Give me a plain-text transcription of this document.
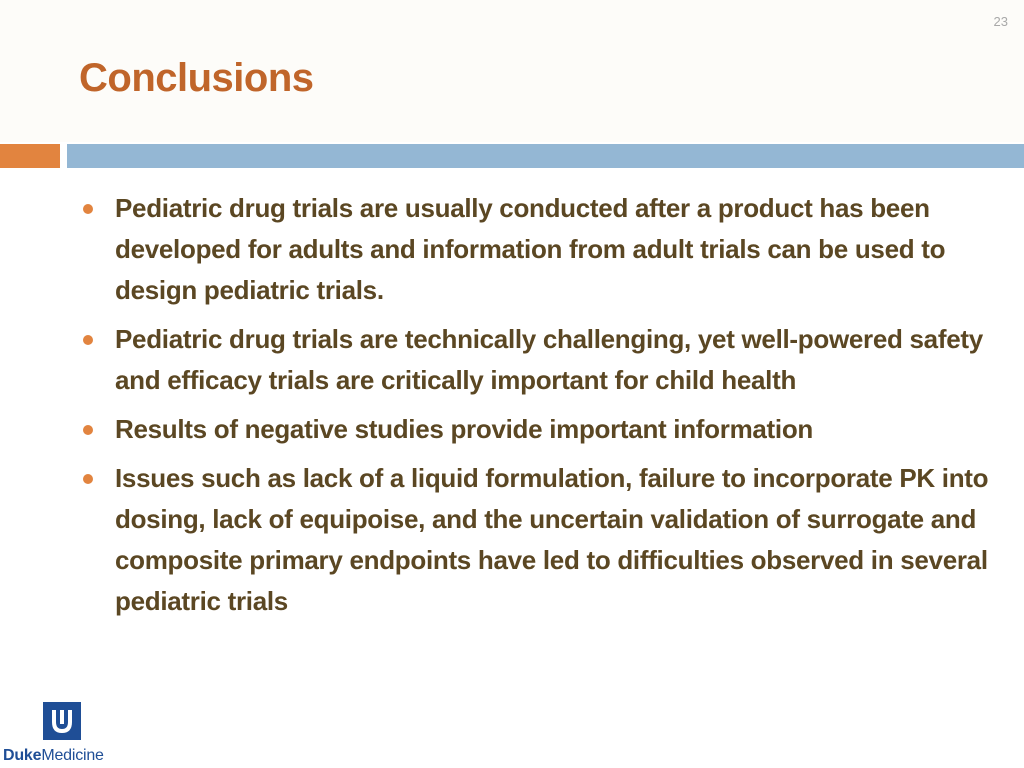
23
Conclusions
Pediatric drug trials are usually conducted after a product has been developed for adults and information from adult trials can be used to design pediatric trials.
Pediatric drug trials are technically challenging, yet well-powered safety and efficacy trials are critically important for child health
Results of negative studies provide important information
Issues such as lack of a liquid formulation, failure to incorporate PK into dosing, lack of equipoise, and the uncertain validation of surrogate and composite primary endpoints have led to difficulties observed in several pediatric trials
DukeMedicine
